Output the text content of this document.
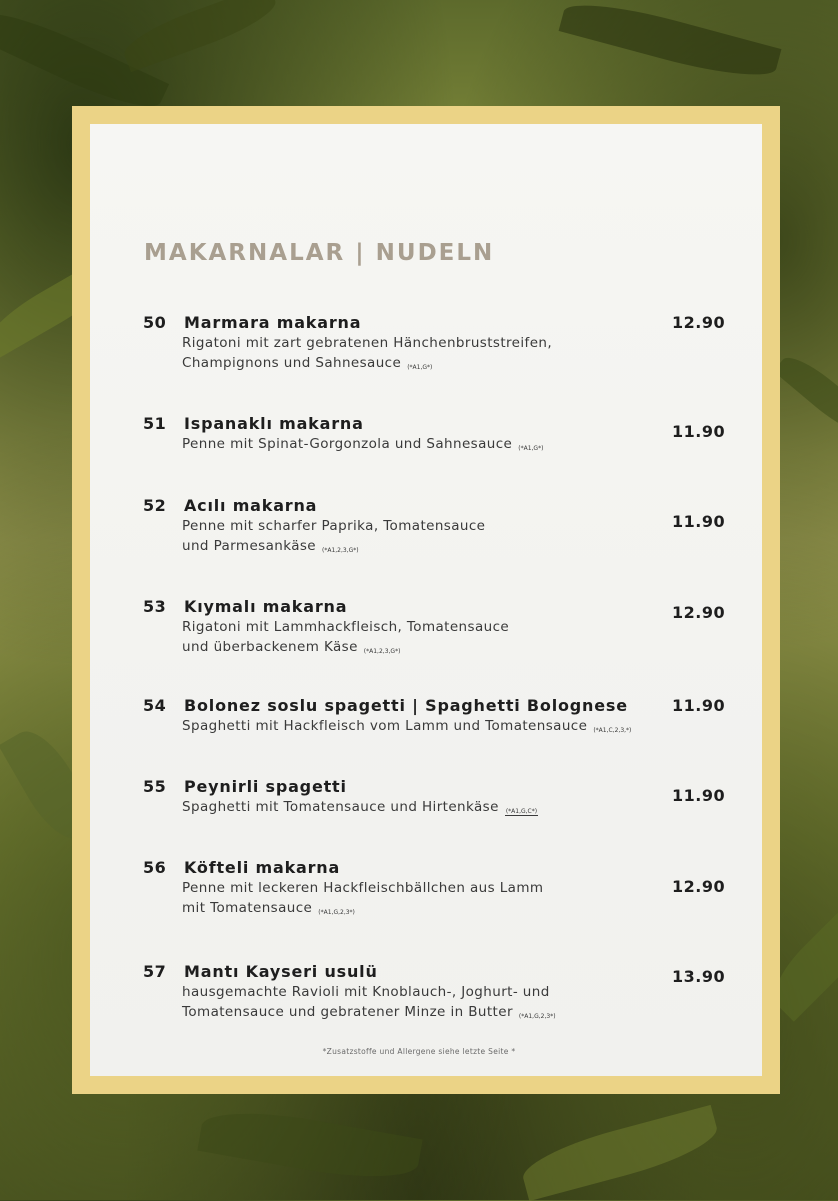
MAKARNALAR | NUDELN
50 Marmara makarna	12.90
Rigatoni mit zart gebratenen Hänchenbruststreifen,
Champignons und Sahnesauce (*A1,G*)
51 Ispanaklı makarna	11.90
Penne mit Spinat-Gorgonzola und Sahnesauce (*A1,G*)
52 Acılı makarna
11.90
Penne mit scharfer Paprika, Tomatensauce
und Parmesankäse (*A1,2,3,G*)
53 Kıymalı makarna	12.90
Rigatoni mit Lammhackfleisch, Tomatensauce
und überbackenem Käse (*A1,2,3,G*)
54 Bolonez soslu spagetti | Spaghetti Bolognese	11.90
Spaghetti mit Hackfleisch vom Lamm und Tomatensauce (*A1,C,2,3,*)
55 Peynirli spagetti	11.90
Spaghetti mit Tomatensauce und Hirtenkäse (*A1,G,C*)
56 Köfteli makarna
12.90
Penne mit leckeren Hackfleischbällchen aus Lamm
mit Tomatensauce (*A1,G,2,3*)
57 Mantı Kayseri usulü	13.90
hausgemachte Ravioli mit Knoblauch-, Joghurt- und
Tomatensauce und gebratener Minze in Butter (*A1,G,2,3*)
*Zusatzstoffe und Allergene siehe letzte Seite *
